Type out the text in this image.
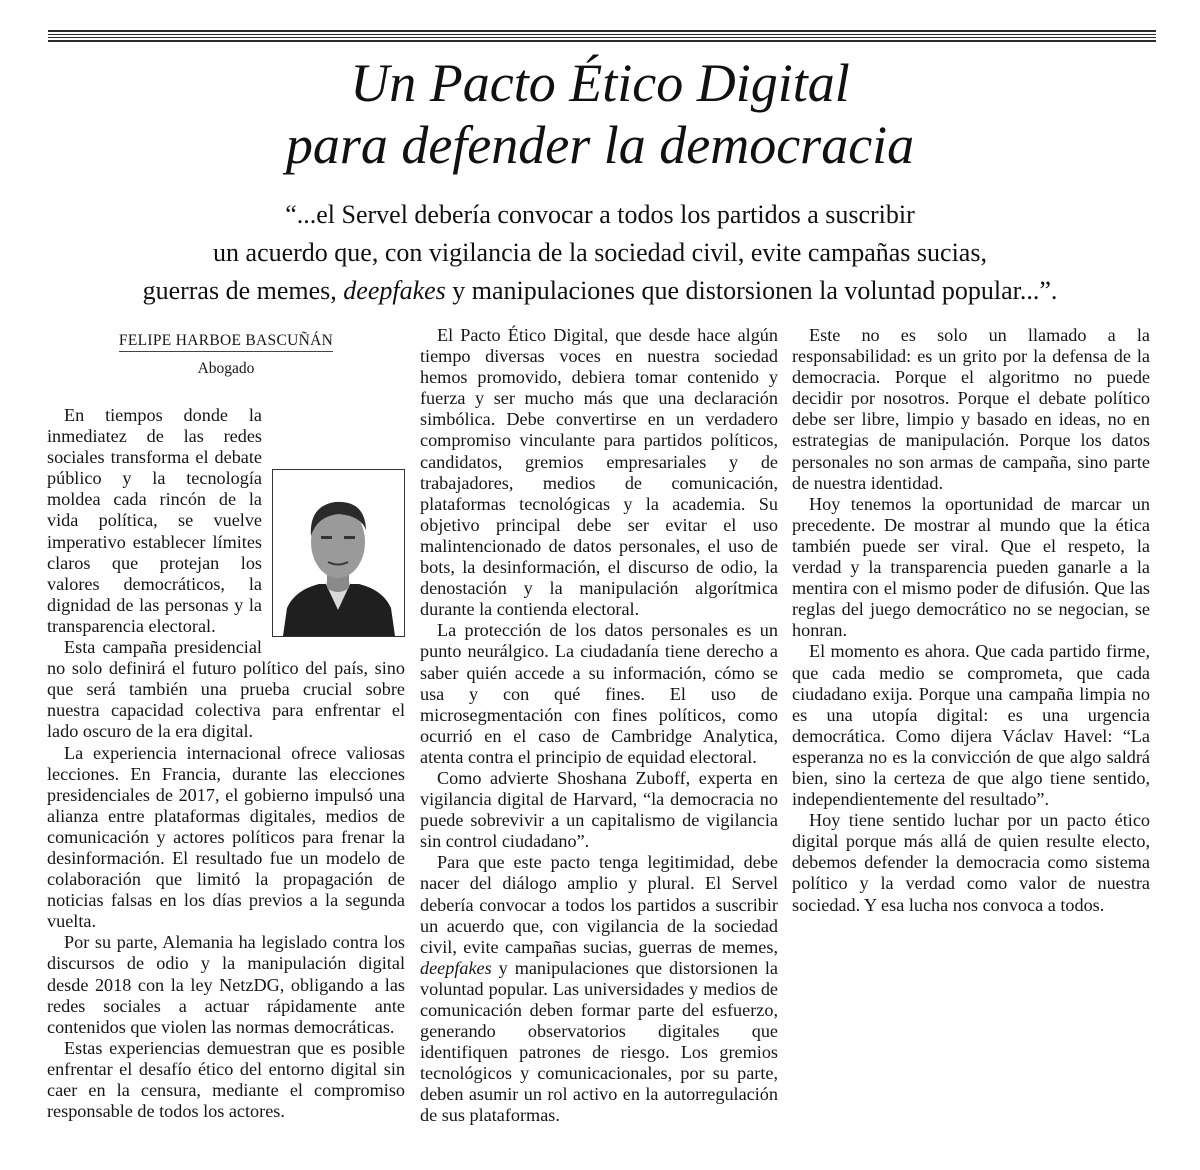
Un Pacto Ético Digital
para defender la democracia
“...el Servel debería convocar a todos los partidos a suscribir
un acuerdo que, con vigilancia de la sociedad civil, evite campañas sucias,
guerras de memes, deepfakes y manipulaciones que distorsionen la voluntad popular...”.
FELIPE HARBOE BASCUÑÁN
Abogado

En tiempos donde la inmediatez de las redes sociales transforma el debate público y la tecnología moldea cada rincón de la vida política, se vuelve imperativo establecer límites claros que protejan los valores democráticos, la dignidad de las personas y la transparencia electoral.

Esta campaña presidencial no solo definirá el futuro político del país, sino que será también una prueba crucial sobre nuestra capacidad colectiva para enfrentar el lado oscuro de la era digital.

La experiencia internacional ofrece valiosas lecciones. En Francia, durante las elecciones presidenciales de 2017, el gobierno impulsó una alianza entre plataformas digitales, medios de comunicación y actores políticos para frenar la desinformación. El resultado fue un modelo de colaboración que limitó la propagación de noticias falsas en los días previos a la segunda vuelta.

Por su parte, Alemania ha legislado contra los discursos de odio y la manipulación digital desde 2018 con la ley NetzDG, obligando a las redes sociales a actuar rápidamente ante contenidos que violen las normas democráticas.

Estas experiencias demuestran que es posible enfrentar el desafío ético del entorno digital sin caer en la censura, mediante el compromiso responsable de todos los actores.

El Pacto Ético Digital, que desde hace algún tiempo diversas voces en nuestra sociedad hemos promovido, debiera tomar contenido y fuerza y ser mucho más que una declaración simbólica. Debe convertirse en un verdadero compromiso vinculante para partidos políticos, candidatos, gremios empresariales y de trabajadores, medios de comunicación, plataformas tecnológicas y la academia. Su objetivo principal debe ser evitar el uso malintencionado de datos personales, el uso de bots, la desinformación, el discurso de odio, la denostación y la manipulación algorítmica durante la contienda electoral.

La protección de los datos personales es un punto neurálgico. La ciudadanía tiene derecho a saber quién accede a su información, cómo se usa y con qué fines. El uso de microsegmentación con fines políticos, como ocurrió en el caso de Cambridge Analytica, atenta contra el principio de equidad electoral.

Como advierte Shoshana Zuboff, experta en vigilancia digital de Harvard, “la democracia no puede sobrevivir a un capitalismo de vigilancia sin control ciudadano”.

Para que este pacto tenga legitimidad, debe nacer del diálogo amplio y plural. El Servel debería convocar a todos los partidos a suscribir un acuerdo que, con vigilancia de la sociedad civil, evite campañas sucias, guerras de memes, deepfakes y manipulaciones que distorsionen la voluntad popular. Las universidades y medios de comunicación deben formar parte del esfuerzo, generando observatorios digitales que identifiquen patrones de riesgo. Los gremios tecnológicos y comunicacionales, por su parte, deben asumir un rol activo en la autorregulación de sus plataformas.

Este no es solo un llamado a la responsabilidad: es un grito por la defensa de la democracia. Porque el algoritmo no puede decidir por nosotros. Porque el debate político debe ser libre, limpio y basado en ideas, no en estrategias de manipulación. Porque los datos personales no son armas de campaña, sino parte de nuestra identidad.

Hoy tenemos la oportunidad de marcar un precedente. De mostrar al mundo que la ética también puede ser viral. Que el respeto, la verdad y la transparencia pueden ganarle a la mentira con el mismo poder de difusión. Que las reglas del juego democrático no se negocian, se honran.

El momento es ahora. Que cada partido firme, que cada medio se comprometa, que cada ciudadano exija. Porque una campaña limpia no es una utopía digital: es una urgencia democrática. Como dijera Václav Havel: “La esperanza no es la convicción de que algo saldrá bien, sino la certeza de que algo tiene sentido, independientemente del resultado”.

Hoy tiene sentido luchar por un pacto ético digital porque más allá de quien resulte electo, debemos defender la democracia como sistema político y la verdad como valor de nuestra sociedad. Y esa lucha nos convoca a todos.
